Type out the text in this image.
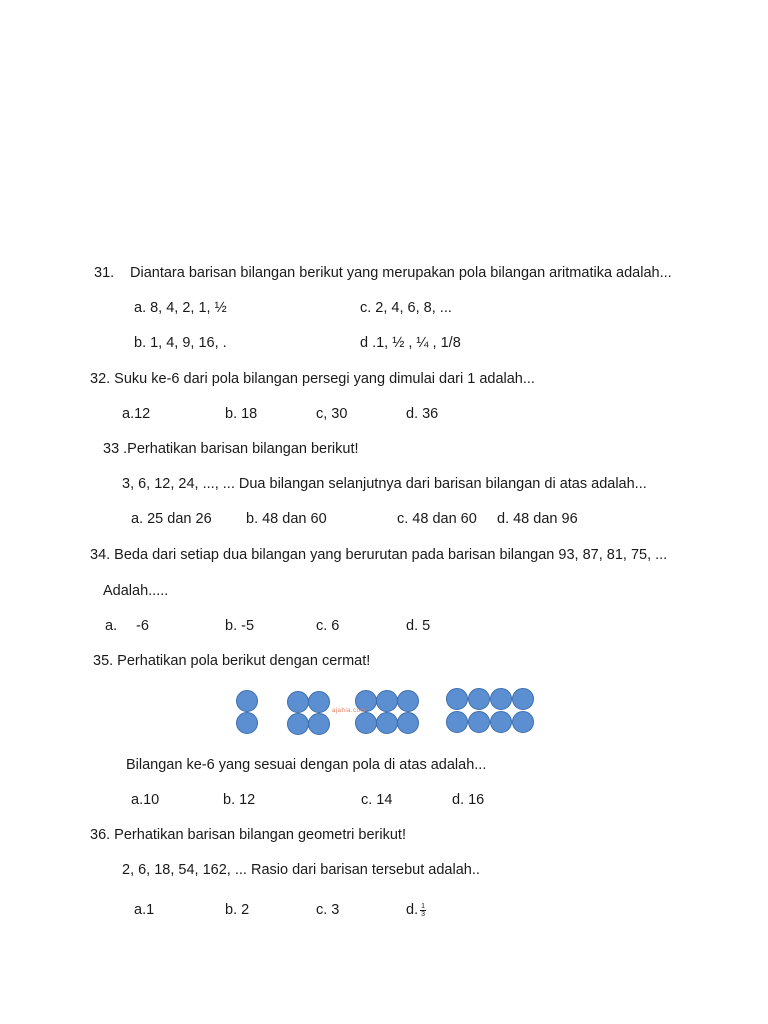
31. Diantara barisan bilangan berikut yang merupakan pola bilangan aritmatika adalah...
a. 8, 4, 2, 1, ½	c. 2, 4, 6, 8, ...
b. 1, 4, 9, 16, .	d .1, ½ , ¼ , 1/8
32. Suku ke-6 dari pola bilangan persegi yang dimulai dari 1 adalah...
a.12	b. 18	c, 30	d. 36
33 .Perhatikan barisan bilangan berikut!
3, 6, 12, 24, ..., ... Dua bilangan selanjutnya dari barisan bilangan di atas adalah...
a. 25 dan 26 b. 48 dan 60	c. 48 dan 60 d. 48 dan 96
34. Beda dari setiap dua bilangan yang berurutan pada barisan bilangan 93, 87, 81, 75, ...
Adalah.....
a. -6	b. -5	c. 6	d. 5
35. Perhatikan pola berikut dengan cermat!
ajahia.com
Bilangan ke-6 yang sesuai dengan pola di atas adalah...
a.10	b. 12	c. 14	d. 16
36. Perhatikan barisan bilangan geometri berikut!
2, 6, 18, 54, 162, ... Rasio dari barisan tersebut adalah..
a.1	b. 2	c. 3	d. $\frac{1}{3}$
